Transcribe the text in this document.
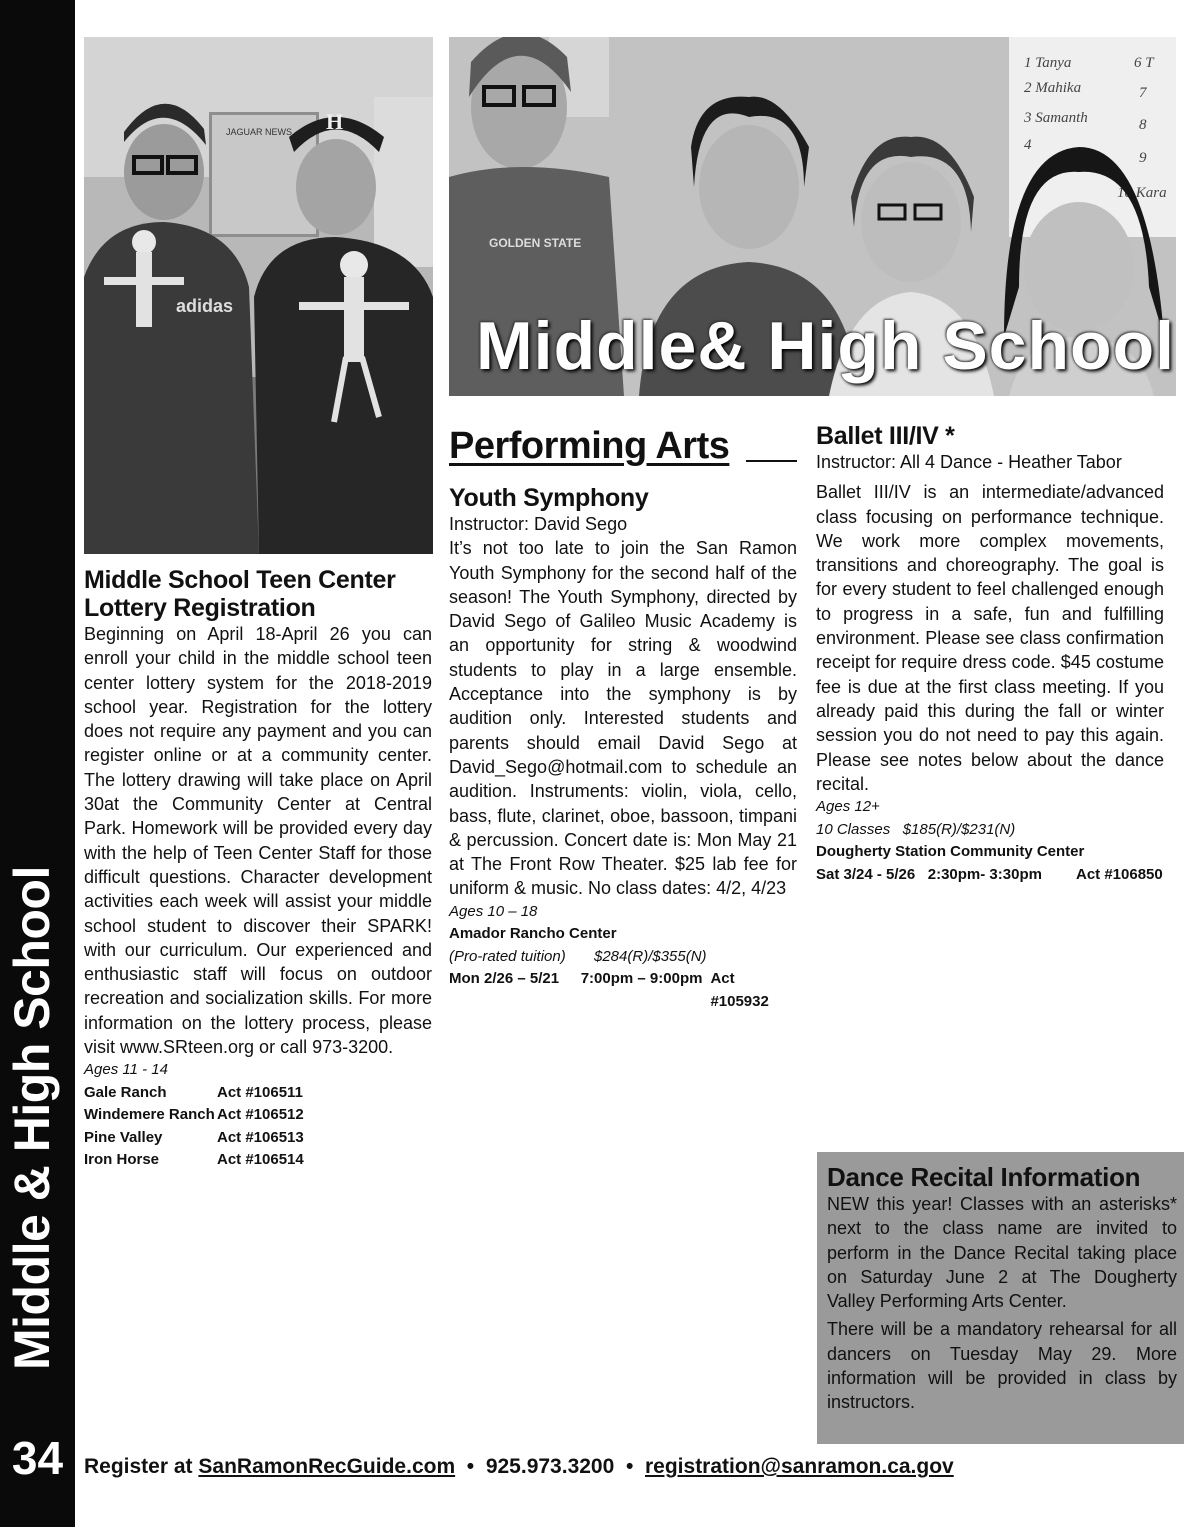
Middle & High School
34
JAGUAR NEWS
adidas
H
1 Tanya
2 Mahika
3 Samanth
4
6 T
7
8
9
10 Kara
GOLDEN STATE
Middle& High School
Middle School Teen Center Lottery Registration

Beginning on April 18-April 26 you can enroll your child in the middle school teen center lottery system for the 2018-2019 school year. Registration for the lottery does not require any payment and you can register online or at a community center. The lottery drawing will take place on April 30at the Community Center at Central Park. Homework will be provided every day with the help of Teen Center Staff for those difficult questions. Character development activities each week will assist your middle school student to discover their SPARK! with our curriculum. Our experienced and enthusiastic staff will focus on outdoor recreation and socialization skills. For more information on the lottery process, please visit www.SRteen.org or call 973-3200.

Ages 11 - 14
Gale Ranch	Act #106511
Windemere Ranch Act #106512
Pine Valley	Act #106513
Iron Horse	Act #106514
Performing Arts
Youth Symphony
Instructor: David Sego

It’s not too late to join the San Ramon Youth Symphony for the second half of the season! The Youth Symphony, directed by David Sego of Galileo Music Academy is an opportunity for string & woodwind students to play in a large ensemble. Acceptance into the symphony is by audition only. Interested students and parents should email David Sego at David_Sego@hotmail.com to schedule an audition. Instruments: violin, viola, cello, bass, flute, clarinet, oboe, bassoon, timpani & percussion. Concert date is: Mon May 21 at The Front Row Theater. $25 lab fee for uniform & music. No class dates: 4/2, 4/23

Ages 10 – 18
Amador Rancho Center
(Pro-rated tuition)	$284(R)/$355(N)
Mon 2/26 – 5/21	7:00pm – 9:00pm Act #105932
Ballet III/IV *
Instructor: All 4 Dance - Heather Tabor

Ballet III/IV is an intermediate/advanced class focusing on performance technique. We work more complex movements, transitions and choreography. The goal is for every student to feel challenged enough to progress in a safe, fun and fulfilling environment. Please see class confirmation receipt for require dress code. $45 costume fee is due at the first class meeting. If you already paid this during the fall or winter session you do not need to pay this again. Please see notes below about the dance recital.

Ages 12+
10 Classes   $185(R)/$231(N)
Dougherty Station Community Center
Sat 3/24 - 5/26   2:30pm- 3:30pm	Act #106850
Dance Recital Information

NEW this year! Classes with an asterisks* next to the class name are invited to perform in the Dance Recital taking place on Saturday June 2 at The Dougherty Valley Performing Arts Center.

There will be a mandatory rehearsal for all dancers on Tuesday May 29. More information will be provided in class by instructors.

Register at SanRamonRecGuide.com • 925.973.3200 • registration@sanramon.ca.gov
